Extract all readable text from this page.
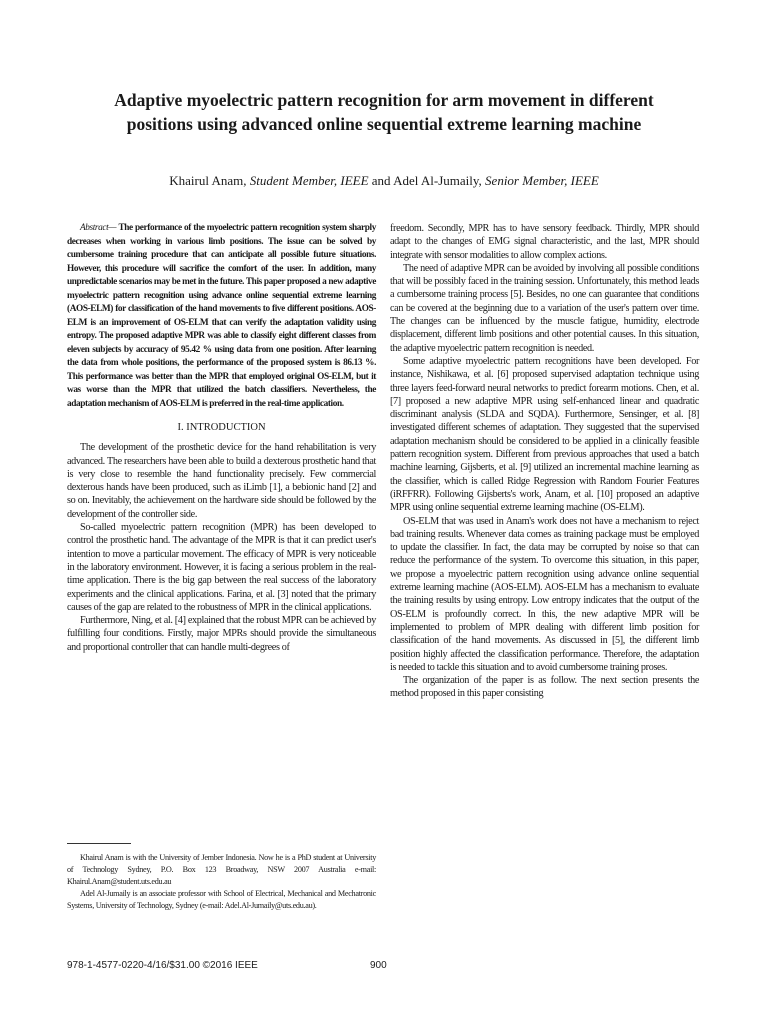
Adaptive myoelectric pattern recognition for arm movement in different positions using advanced online sequential extreme learning machine
Khairul Anam, Student Member, IEEE and Adel Al-Jumaily, Senior Member, IEEE

Abstract— The performance of the myoelectric pattern recognition system sharply decreases when working in various limb positions. The issue can be solved by cumbersome training procedure that can anticipate all possible future situations. However, this procedure will sacrifice the comfort of the user. In addition, many unpredictable scenarios may be met in the future. This paper proposed a new adaptive myoelectric pattern recognition using advance online sequential extreme learning (AOS-ELM) for classification of the hand movements to five different positions. AOS-ELM is an improvement of OS-ELM that can verify the adaptation validity using entropy. The proposed adaptive MPR was able to classify eight different classes from eleven subjects by accuracy of 95.42 % using data from one position. After learning the data from whole positions, the performance of the proposed system is 86.13 %. This performance was better than the MPR that employed original OS-ELM, but it was worse than the MPR that utilized the batch classifiers. Nevertheless, the adaptation mechanism of AOS-ELM is preferred in the real-time application.

I. INTRODUCTION

The development of the prosthetic device for the hand rehabilitation is very advanced. The researchers have been able to build a dexterous prosthetic hand that is very close to resemble the hand functionality precisely. Few commercial dexterous hands have been produced, such as iLimb [1], a bebionic hand [2] and so on. Inevitably, the achievement on the hardware side should be followed by the development of the controller side.

So-called myoelectric pattern recognition (MPR) has been developed to control the prosthetic hand. The advantage of the MPR is that it can predict user's intention to move a particular movement. The efficacy of MPR is very noticeable in the laboratory environment. However, it is facing a serious problem in the real-time application. There is the big gap between the real success of the laboratory experiments and the clinical applications. Farina, et al. [3] noted that the primary causes of the gap are related to the robustness of MPR in the clinical applications.

Furthermore, Ning, et al. [4] explained that the robust MPR can be achieved by fulfilling four conditions. Firstly, major MPRs should provide the simultaneous and proportional controller that can handle multi-degrees of

Khairul Anam is with the University of Jember Indonesia. Now he is a PhD student at University of Technology Sydney, P.O. Box 123 Broadway, NSW 2007 Australia e-mail: Khairul.Anam@student.uts.edu.au

Adel Al-Jumaily is an associate professor with School of Electrical, Mechanical and Mechatronic Systems, University of Technology, Sydney (e-mail: Adel.Al-Jumaily@uts.edu.au).

freedom. Secondly, MPR has to have sensory feedback. Thirdly, MPR should adapt to the changes of EMG signal characteristic, and the last, MPR should integrate with sensor modalities to allow complex actions.

The need of adaptive MPR can be avoided by involving all possible conditions that will be possibly faced in the training session. Unfortunately, this method leads a cumbersome training process [5]. Besides, no one can guarantee that conditions can be covered at the beginning due to a variation of the user's pattern over time. The changes can be influenced by the muscle fatigue, humidity, electrode displacement, different limb positions and other potential causes. In this situation, the adaptive myoelectric pattern recognition is needed.

Some adaptive myoelectric pattern recognitions have been developed. For instance, Nishikawa, et al. [6] proposed supervised adaptation technique using three layers feed-forward neural networks to predict forearm motions. Chen, et al. [7] proposed a new adaptive MPR using self-enhanced linear and quadratic discriminant analysis (SLDA and SQDA). Furthermore, Sensinger, et al. [8] investigated different schemes of adaptation. They suggested that the supervised adaptation mechanism should be considered to be applied in a clinically feasible pattern recognition system. Different from previous approaches that used a batch machine learning, Gijsberts, et al. [9] utilized an incremental machine learning as the classifier, which is called Ridge Regression with Random Fourier Features (iRFFRR). Following Gijsberts's work, Anam, et al. [10] proposed an adaptive MPR using online sequential extreme learning machine (OS-ELM).

OS-ELM that was used in Anam's work does not have a mechanism to reject bad training results. Whenever data comes as training package must be employed to update the classifier. In fact, the data may be corrupted by noise so that can reduce the performance of the system. To overcome this situation, in this paper, we propose a myoelectric pattern recognition using advance online sequential extreme learning machine (AOS-ELM). AOS-ELM has a mechanism to evaluate the training results by using entropy. Low entropy indicates that the output of the OS-ELM is profoundly correct. In this, the new adaptive MPR will be implemented to problem of MPR dealing with different limb position for classification of the hand movements. As discussed in [5], the different limb position highly affected the classification performance. Therefore, the adaptation is needed to tackle this situation and to avoid cumbersome training proses.

The organization of the paper is as follow. The next section presents the method proposed in this paper consisting

978-1-4577-0220-4/16/$31.00 ©2016 IEEE	900
